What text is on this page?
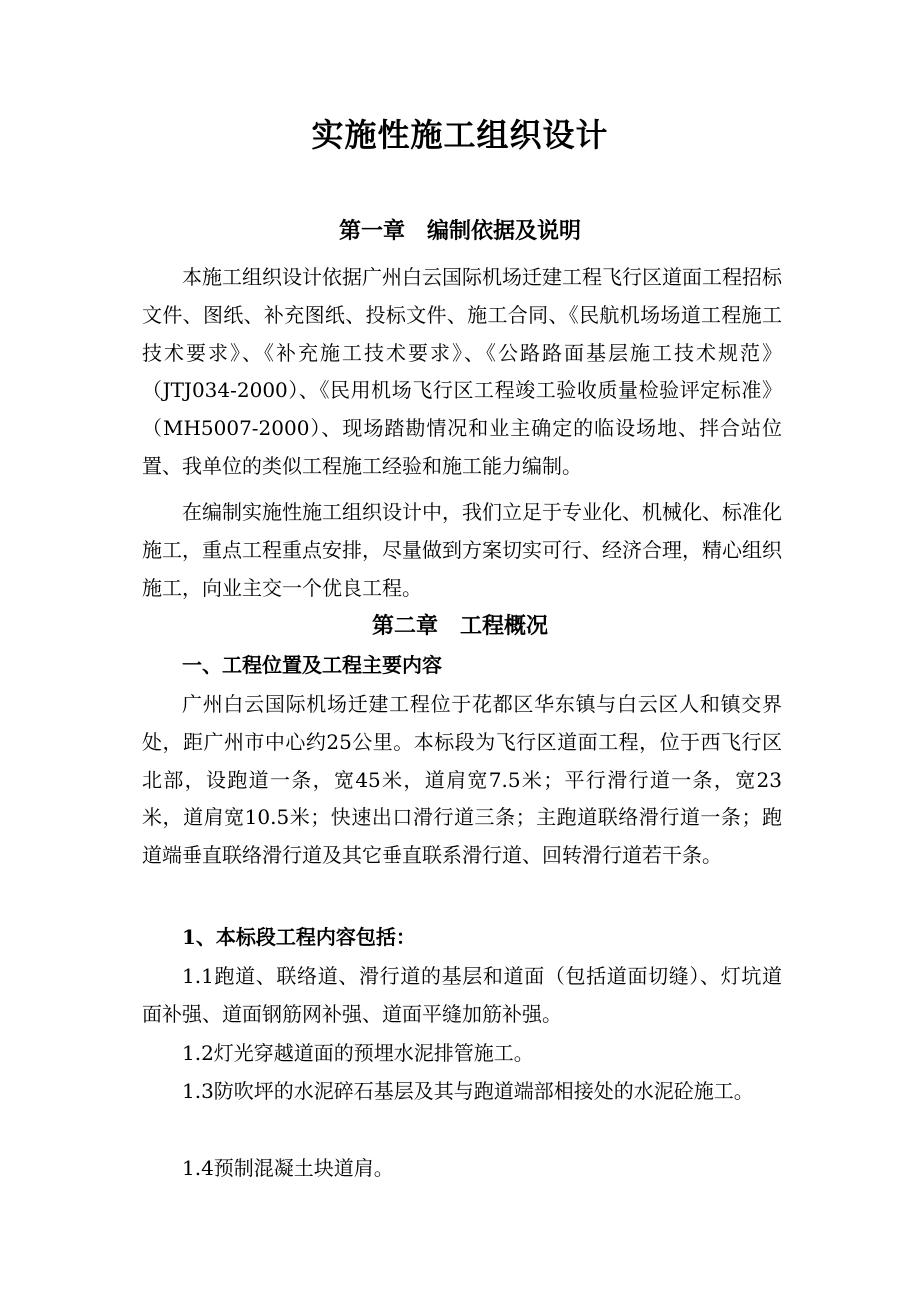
实施性施工组织设计
第一章　编制依据及说明

本施工组织设计依据广州白云国际机场迁建工程飞行区道面工程招标文件、图纸、补充图纸、投标文件、施工合同、《民航机场场道工程施工技术要求》、《补充施工技术要求》、《公路路面基层施工技术规范》（JTJ034-2000）、《民用机场飞行区工程竣工验收质量检验评定标准》（MH5007-2000）、现场踏勘情况和业主确定的临设场地、拌合站位置、我单位的类似工程施工经验和施工能力编制。

在编制实施性施工组织设计中，我们立足于专业化、机械化、标准化施工，重点工程重点安排，尽量做到方案切实可行、经济合理，精心组织施工，向业主交一个优良工程。

第二章　工程概况
一、工程位置及工程主要内容

广州白云国际机场迁建工程位于花都区华东镇与白云区人和镇交界处，距广州市中心约25公里。本标段为飞行区道面工程，位于西飞行区北部，设跑道一条，宽45米，道肩宽7.5米；平行滑行道一条，宽23米，道肩宽10.5米；快速出口滑行道三条；主跑道联络滑行道一条；跑道端垂直联络滑行道及其它垂直联系滑行道、回转滑行道若干条。

1、本标段工程内容包括：

1.1跑道、联络道、滑行道的基层和道面（包括道面切缝）、灯坑道面补强、道面钢筋网补强、道面平缝加筋补强。

1.2灯光穿越道面的预埋水泥排管施工。

1.3防吹坪的水泥碎石基层及其与跑道端部相接处的水泥砼施工。

1.4预制混凝土块道肩。
